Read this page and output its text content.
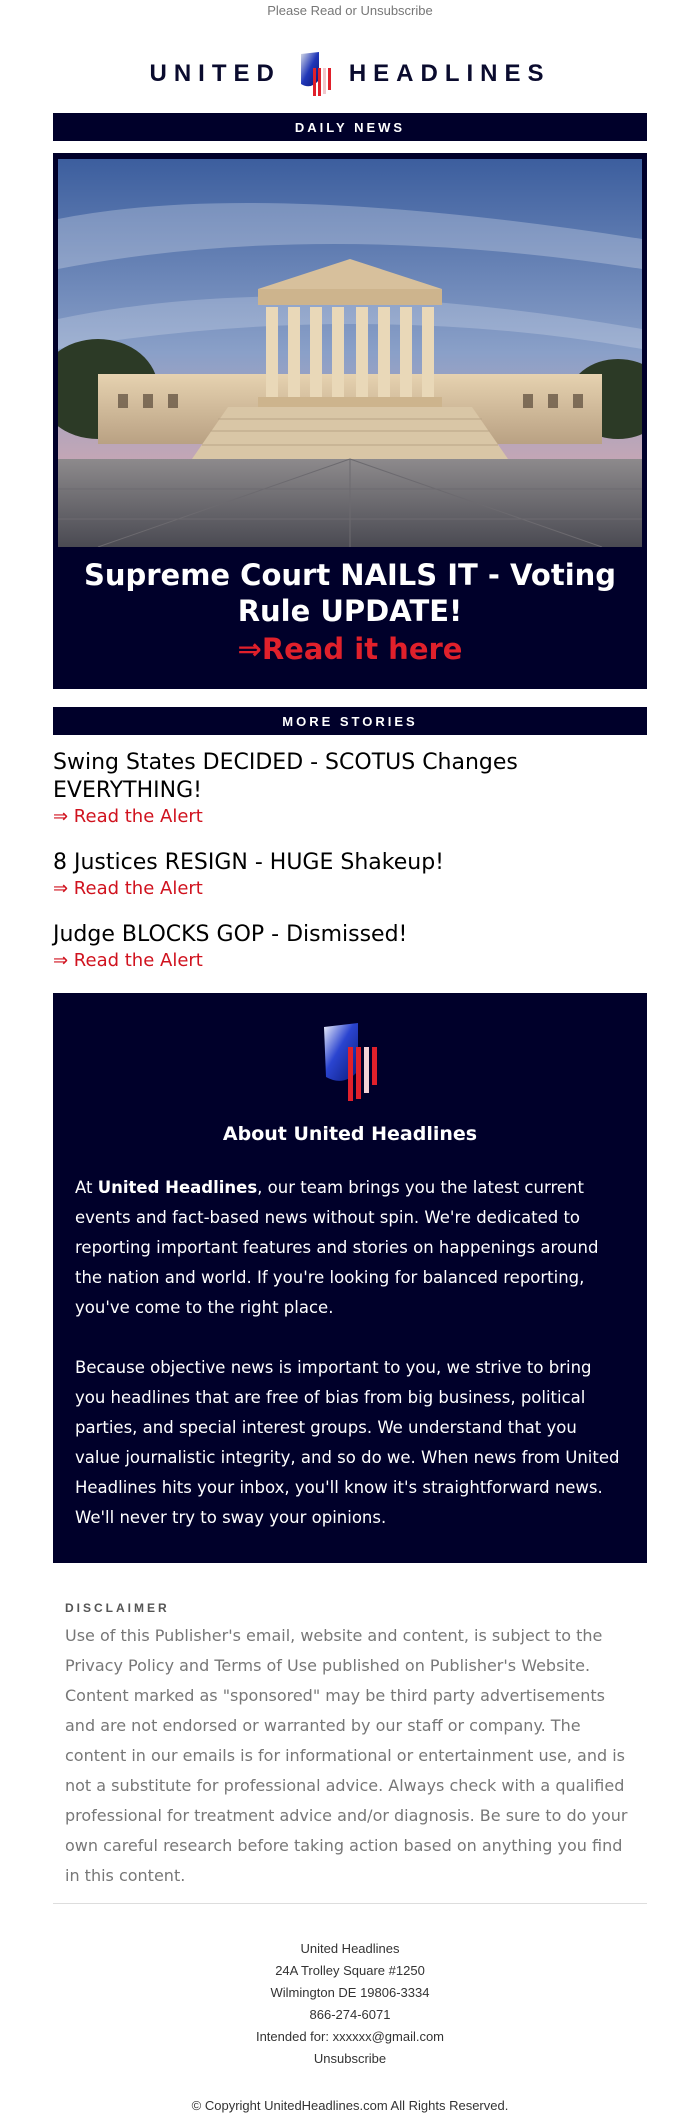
Please Read or Unsubscribe
UNITED	HEADLINES
DAILY NEWS
Supreme Court NAILS IT - Voting Rule UPDATE!
⇒Read it here
MORE STORIES
Swing States DECIDED - SCOTUS Changes EVERYTHING!
⇒ Read the Alert
8 Justices RESIGN - HUGE Shakeup!
⇒ Read the Alert
Judge BLOCKS GOP - Dismissed!
⇒ Read the Alert
About United Headlines

At United Headlines, our team brings you the latest current events and fact-based news without spin. We're dedicated to reporting important features and stories on happenings around the nation and world. If you're looking for balanced reporting, you've come to the right place.

Because objective news is important to you, we strive to bring you headlines that are free of bias from big business, political parties, and special interest groups. We understand that you value journalistic integrity, and so do we. When news from United Headlines hits your inbox, you'll know it's straightforward news. We'll never try to sway your opinions.

DISCLAIMER
Use of this Publisher's email, website and content, is subject to the Privacy Policy and Terms of Use published on Publisher's Website. Content marked as "sponsored" may be third party advertisements and are not endorsed or warranted by our staff or company. The content in our emails is for informational or entertainment use, and is not a substitute for professional advice. Always check with a qualified professional for treatment advice and/or diagnosis. Be sure to do your own careful research before taking action based on anything you find in this content.
United Headlines
24A Trolley Square #1250
Wilmington DE 19806-3334
866-274-6071
Intended for: xxxxxx@gmail.com
Unsubscribe
© Copyright UnitedHeadlines.com All Rights Reserved.
